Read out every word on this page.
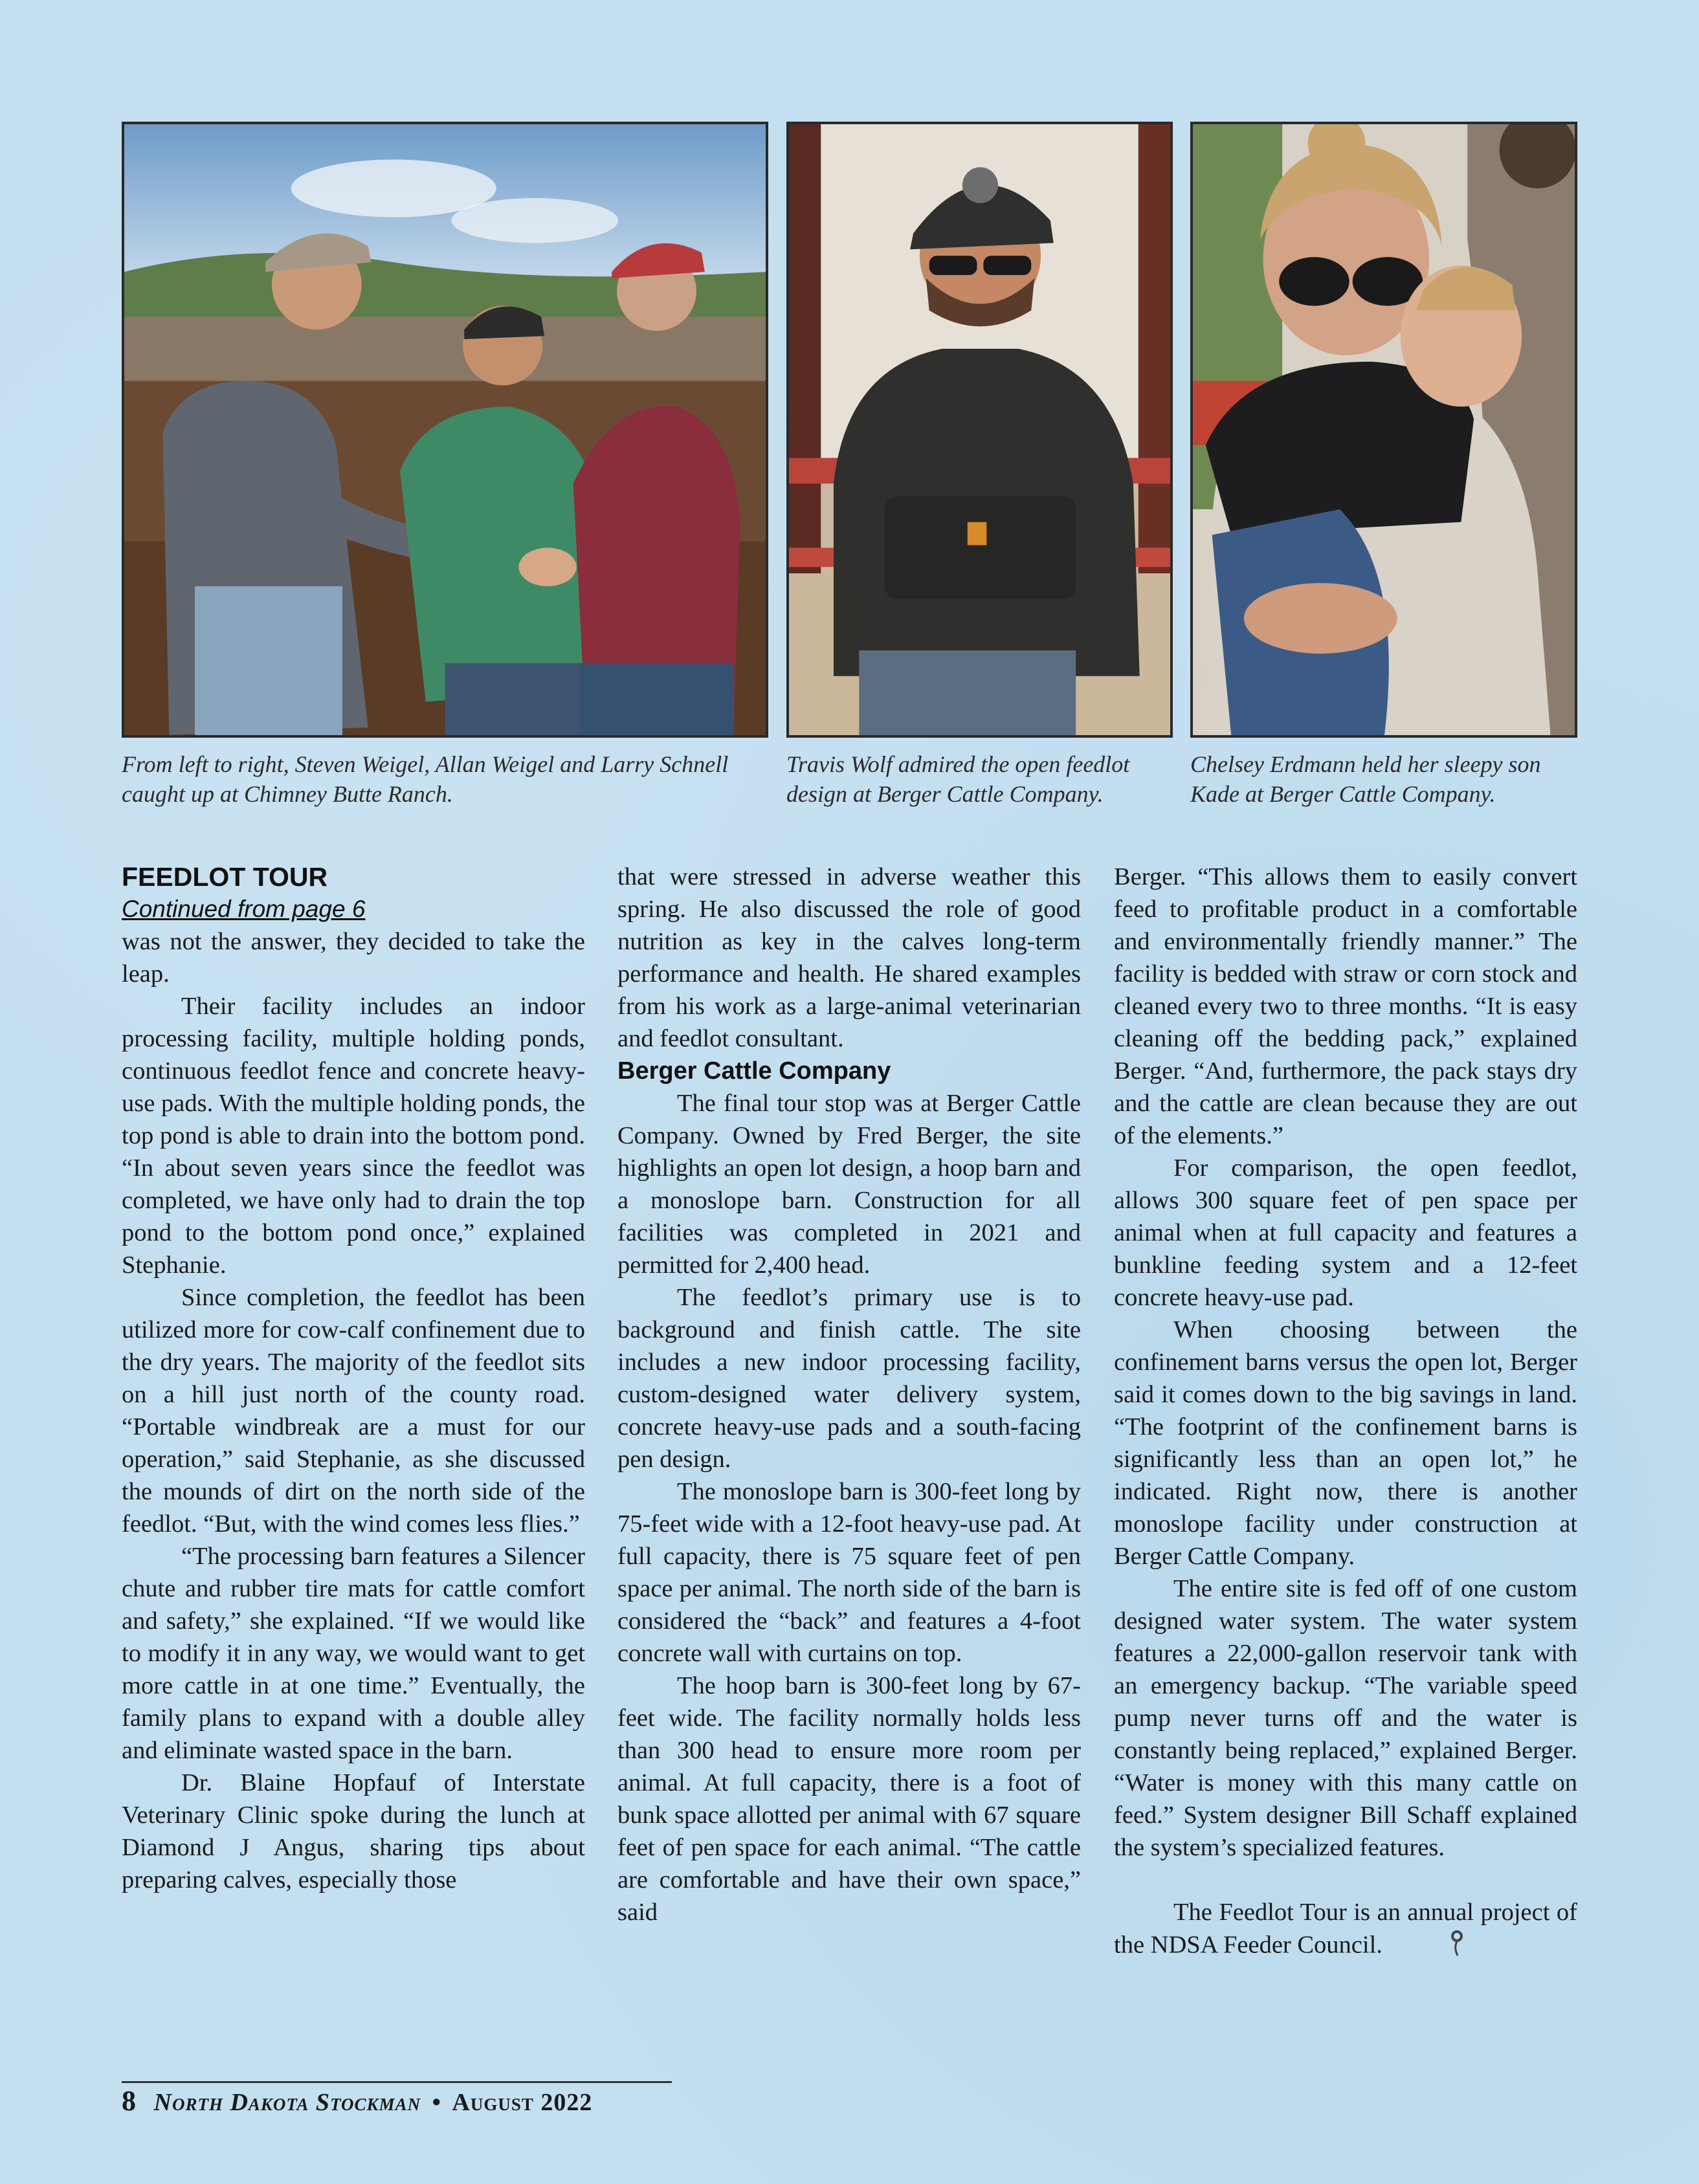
From left to right, Steven Weigel, Allan Weigel and Larry Schnell caught up at Chimney Butte Ranch.

Travis Wolf admired the open feedlot design at Berger Cattle Company.

Chelsey Erdmann held her sleepy son Kade at Berger Cattle Company.

FEEDLOT TOUR

Continued from page 6

was not the answer, they decided to take the leap.

Their facility includes an indoor processing facility, multiple holding ponds, continuous feedlot fence and concrete heavy-use pads. With the multiple holding ponds, the top pond is able to drain into the bottom pond. “In about seven years since the feedlot was completed, we have only had to drain the top pond to the bottom pond once,” explained Stephanie.

Since completion, the feedlot has been utilized more for cow-calf confinement due to the dry years. The majority of the feedlot sits on a hill just north of the county road. “Portable windbreak are a must for our operation,” said Stephanie, as she discussed the mounds of dirt on the north side of the feedlot. “But, with the wind comes less flies.”

“The processing barn features a Silencer chute and rubber tire mats for cattle comfort and safety,” she explained. “If we would like to modify it in any way, we would want to get more cattle in at one time.” Eventually, the family plans to expand with a double alley and eliminate wasted space in the barn.

Dr. Blaine Hopfauf of Interstate Veterinary Clinic spoke during the lunch at Diamond J Angus, sharing tips about preparing calves, especially those

that were stressed in adverse weather this spring. He also discussed the role of good nutrition as key in the calves long-term performance and health. He shared examples from his work as a large-animal veterinarian and feedlot consultant.

Berger Cattle Company

The final tour stop was at Berger Cattle Company. Owned by Fred Berger, the site highlights an open lot design, a hoop barn and a monoslope barn. Construction for all facilities was completed in 2021 and permitted for 2,400 head.

The feedlot’s primary use is to background and finish cattle. The site includes a new indoor processing facility, custom-designed water delivery system, concrete heavy-use pads and a south-facing pen design.

The monoslope barn is 300-feet long by 75-feet wide with a 12-foot heavy-use pad. At full capacity, there is 75 square feet of pen space per animal. The north side of the barn is considered the “back” and features a 4-foot concrete wall with curtains on top.

The hoop barn is 300-feet long by 67-feet wide. The facility normally holds less than 300 head to ensure more room per animal. At full capacity, there is a foot of bunk space allotted per animal with 67 square feet of pen space for each animal. “The cattle are comfortable and have their own space,” said

Berger. “This allows them to easily convert feed to profitable product in a comfortable and environmentally friendly manner.” The facility is bedded with straw or corn stock and cleaned every two to three months. “It is easy cleaning off the bedding pack,” explained Berger. “And, furthermore, the pack stays dry and the cattle are clean because they are out of the elements.”

For comparison, the open feedlot, allows 300 square feet of pen space per animal when at full capacity and features a bunkline feeding system and a 12-feet concrete heavy-use pad.

When choosing between the confinement barns versus the open lot, Berger said it comes down to the big savings in land. “The footprint of the confinement barns is significantly less than an open lot,” he indicated. Right now, there is another monoslope facility under construction at Berger Cattle Company.

The entire site is fed off of one custom designed water system. The water system features a 22,000-gallon reservoir tank with an emergency backup. “The variable speed pump never turns off and the water is constantly being replaced,” explained Berger. “Water is money with this many cattle on feed.” System designer Bill Schaff explained the system’s specialized features.

The Feedlot Tour is an annual project of the NDSA Feeder Council.

8 North Dakota Stockman • August 2022
